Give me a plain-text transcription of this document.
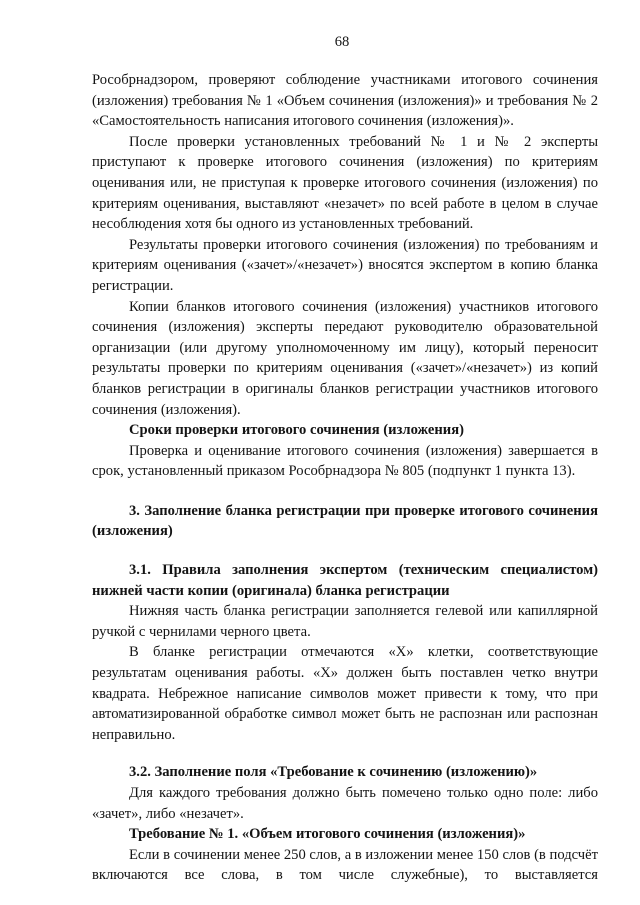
68

Рособрнадзором, проверяют соблюдение участниками итогового сочинения (изложения) требования № 1 «Объем сочинения (изложения)» и требования № 2 «Самостоятельность написания итогового сочинения (изложения)».

После проверки установленных требований № 1 и № 2 эксперты приступают к проверке итогового сочинения (изложения) по критериям оценивания или, не приступая к проверке итогового сочинения (изложения) по критериям оценивания, выставляют «незачет» по всей работе в целом в случае несоблюдения хотя бы одного из установленных требований.

Результаты проверки итогового сочинения (изложения) по требованиям и критериям оценивания («зачет»/«незачет») вносятся экспертом в копию бланка регистрации.

Копии бланков итогового сочинения (изложения) участников итогового сочинения (изложения) эксперты передают руководителю образовательной организации (или другому уполномоченному им лицу), который переносит результаты проверки по критериям оценивания («зачет»/«незачет») из копий бланков регистрации в оригиналы бланков регистрации участников итогового сочинения (изложения).

Сроки проверки итогового сочинения (изложения)

Проверка и оценивание итогового сочинения (изложения) завершается в срок, установленный приказом Рособрнадзора № 805 (подпункт 1 пункта 13).

3. Заполнение бланка регистрации при проверке итогового сочинения (изложения)

3.1. Правила заполнения экспертом (техническим специалистом) нижней части копии (оригинала) бланка регистрации

Нижняя часть бланка регистрации заполняется гелевой или капиллярной ручкой с чернилами черного цвета.

В бланке регистрации отмечаются «Х» клетки, соответствующие результатам оценивания работы. «Х» должен быть поставлен четко внутри квадрата. Небрежное написание символов может привести к тому, что при автоматизированной обработке символ может быть не распознан или распознан неправильно.

3.2. Заполнение поля «Требование к сочинению (изложению)»

Для каждого требования должно быть помечено только одно поле: либо «зачет», либо «незачет».

Требование № 1. «Объем итогового сочинения (изложения)»

Если в сочинении менее 250 слов, а в изложении менее 150 слов (в подсчёт включаются все слова, в том числе служебные), то выставляется
